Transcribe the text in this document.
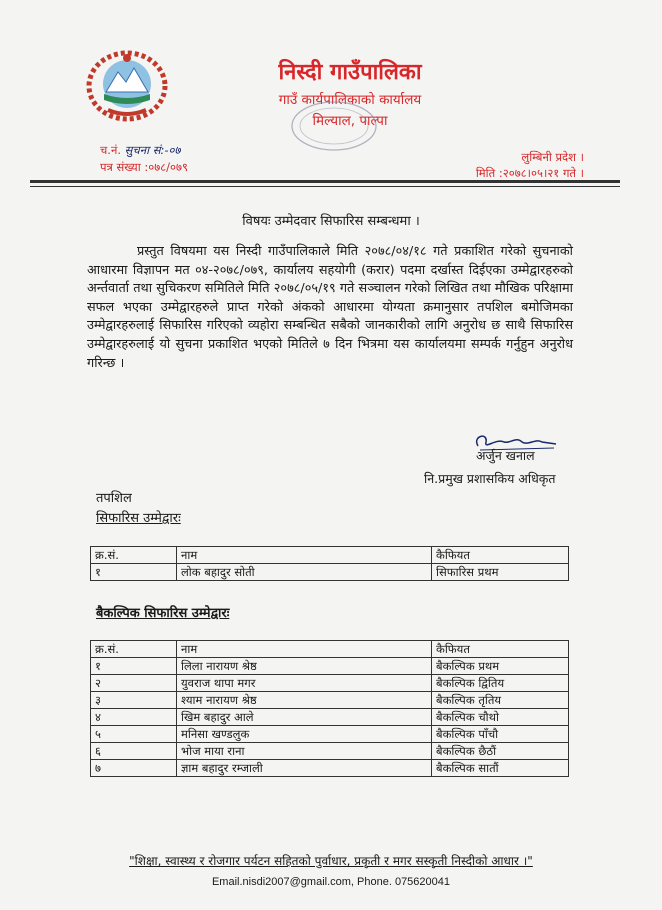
निस्दी गाउँपालिका
गाउँ कार्यपालिकाको कार्यालय
मिल्याल, पाल्पा
च.नं. सुचना सं:-०७
पत्र संख्या :०७८/०७९
लुम्बिनी प्रदेश ।
मिति :२०७८।०५।२१ गते ।
विषयः उम्मेदवार सिफारिस सम्बन्धमा ।
प्रस्तुत विषयमा यस निस्दी गाउँपालिकाले मिति २०७८/०४/१८ गते प्रकाशित गरेको सुचनाको आधारमा विज्ञापन मत ०४-२०७८/०७९, कार्यालय सहयोगी (करार) पदमा दर्खास्त दिईएका उम्मेद्वारहरुको अर्न्तवार्ता तथा सुचिकरण समितिले मिति २०७८/०५/१९ गते सञ्चालन गरेको लिखित तथा मौखिक परिक्षामा सफल भएका उम्मेद्वारहरुले प्राप्त गरेको अंकको आधारमा योग्यता क्रमानुसार तपशिल बमोजिमका उम्मेद्वारहरुलाई सिफारिस गरिएको व्यहोरा सम्बन्धित सबैको जानकारीको लागि अनुरोध छ साथै सिफारिस उम्मेद्वारहरुलाई यो सुचना प्रकाशित भएको मितिले ७ दिन भित्रमा यस कार्यालयमा सम्पर्क गर्नुहुन अनुरोध गरिन्छ ।
अर्जुन खनाल
नि.प्रमुख प्रशासकिय अधिकृत
तपशिल
सिफारिस उम्मेद्वारः
क्र.सं.	नाम	कैफियत
१	लोक बहादुर सोती	सिफारिस प्रथम
बैकल्पिक सिफारिस उम्मेद्वारः
क्र.सं.	नाम	कैफियत
१	लिला नारायण श्रेष्ठ	बैकल्पिक प्रथम
२	युवराज थापा मगर	बैकल्पिक द्वितिय
३	श्याम नारायण श्रेष्ठ	बैकल्पिक तृतिय
४	खिम बहादुर आले	बैकल्पिक चौथो
५	मनिसा खण्डलुक	बैकल्पिक पाँचौ
६	भोज माया राना	बैकल्पिक छैठौं
७	ज्ञाम बहादुर रम्जाली	बैकल्पिक सातौं
"शिक्षा, स्वास्थ्य र रोजगार पर्यटन सहितको पुर्वाधार, प्रकृती र मगर सस्कृती निस्दीको आधार ।"
Email.nisdi2007@gmail.com, Phone. 075620041
